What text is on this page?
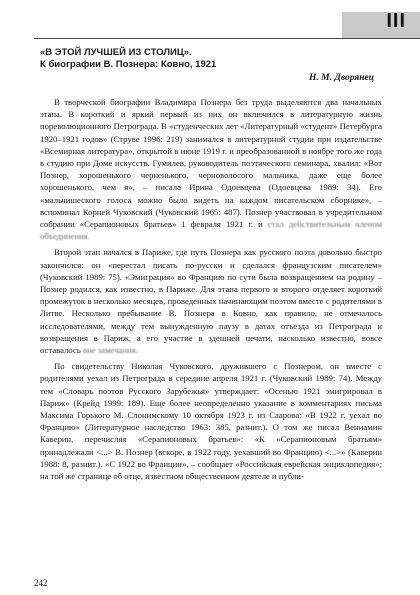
III

«В ЭТОЙ ЛУЧШЕЙ ИЗ СТОЛИЦ».

К биографии В. Познера: Ковно, 1921

Н. М. Дворянец

В творческой биографии Владимира Познера без труда выделяются два начальных этапа. В короткий и яркий первый из них он включился в литературную жизнь пореволюционного Петрограда. В «студенческих лет «Литературный «студент» Петербурга 1920–1921 годов» (Струве 1996: 219) занимался в литературной студии при издательстве «Всемирная литература», открытой в июне 1919 г. и преобразованной в ноябре того же года в студию при Доме искусств. Гумилев, руководитель поэтического семинара, хвалил: «Вот Познер, хорошенького черненького, черноволосого мальчика, даже еще более хорошенького, чем я», – писала Ирина Одоевцева (Одоевцева 1989: 34). Его «мальчишеского голоса можно было видеть на каждом писательском сборнике», – вспоминал Корней Чуковский (Чуковский 1965: 487). Познер участвовал в учредительном собрании «Серапионовых братьев» 1 февраля 1921 г. и стал действительным членом объединения.

Второй этап начался в Париже, где путь Познера как русского поэта довольно быстро закончился: он «перестал писать по-русски и сделался французским писателем» (Чуковский 1989: 75). «Эмиграция» во Францию по сути была возвращением на родину – Познер родился, как известно, в Париже. Для этапа первого и второго отделяет короткий промежуток в несколько месяцев, проведенных начинающим поэтом вместе с родителями в Литве. Несколько пребывание В. Познера в Ковно, как правило, не отмечалось исследователями, между тем вынужденную паузу в датах отъезда из Петрограда и возвращения в Париж, а его участие в здешней печати, насколько известно, вовсе оставалось вне замечания.

По свидетельству Николая Чуковского, дружившего с Познером, он вместе с родителями уехал из Петрограда в середине апреля 1921 г. (Чуковский 1989: 74). Между тем «Словарь поэтов Русского Зарубежья» утверждает: «Осенью 1921 эмигрировал в Париж» (Крейд 1999: 189). Еще более неопределенно указание в комментариях письма Максима Горького М. Слонимскому 10 октября 1923 г. из Саарова: «В 1922 г. уехал во Францию» (Литературное наследство 1963: 385, разнит.). О том же писал Вениамин Каверин, перечисляя «Серапионовых братьев»: «К «Серапионовым братьям» принадлежали <...> В. Познер (вскоре, в 1922 году, уехавший во Францию) <...>» (Каверин 1988: 8, разнит.). «С 1922 во Франции», – сообщает «Российская еврейская энциклопедия»; на той же странице об отце, известном общественном деятеле и публи-

242
